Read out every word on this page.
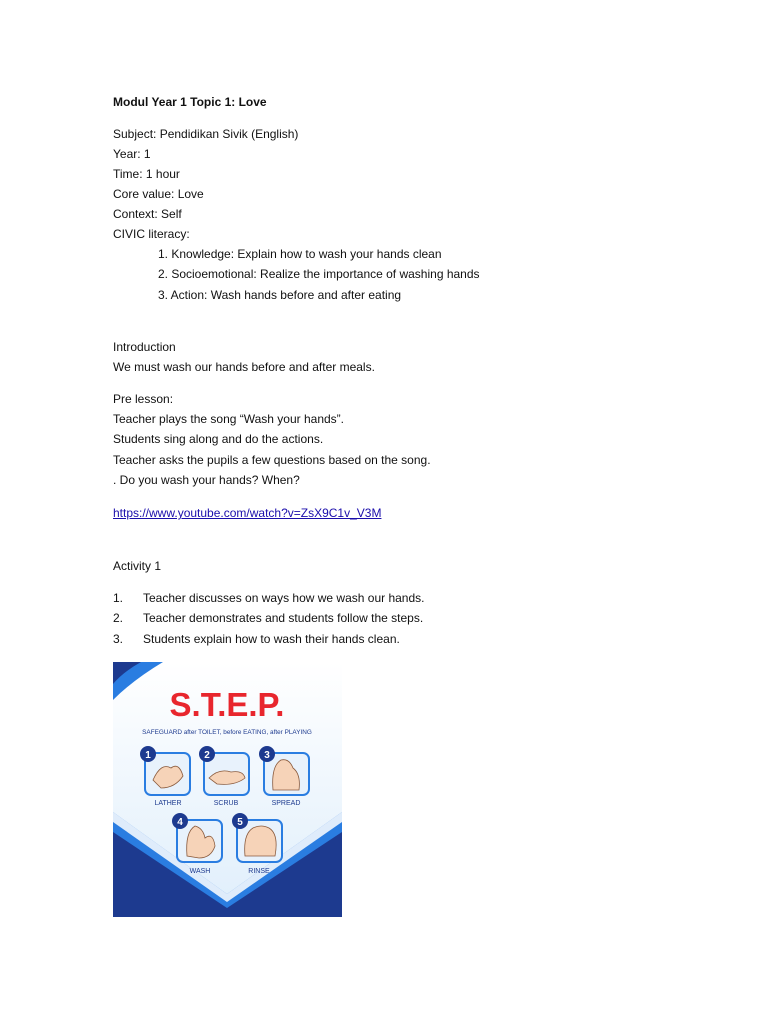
Modul Year 1 Topic 1: Love
Subject: Pendidikan Sivik (English)
Year: 1
Time: 1 hour
Core value: Love
Context: Self
CIVIC literacy:
1. Knowledge: Explain how to wash your hands clean
2. Socioemotional: Realize the importance of washing hands
3. Action: Wash hands before and after eating
Introduction
We must wash our hands before and after meals.
Pre lesson:
Teacher plays the song “Wash your hands”.
Students sing along and do the actions.
Teacher asks the pupils a few questions based on the song.
. Do you wash your hands? When?
https://www.youtube.com/watch?v=ZsX9C1v_V3M
Activity 1
1. Teacher discusses on ways how we wash our hands.
2. Teacher demonstrates and students follow the steps.
3. Students explain how to wash their hands clean.
S.T.E.P.
SAFEGUARD after TOILET, before EATING, after PLAYING
1
LATHER
2
SCRUB
3
SPREAD
4
WASH
5
RINSE
